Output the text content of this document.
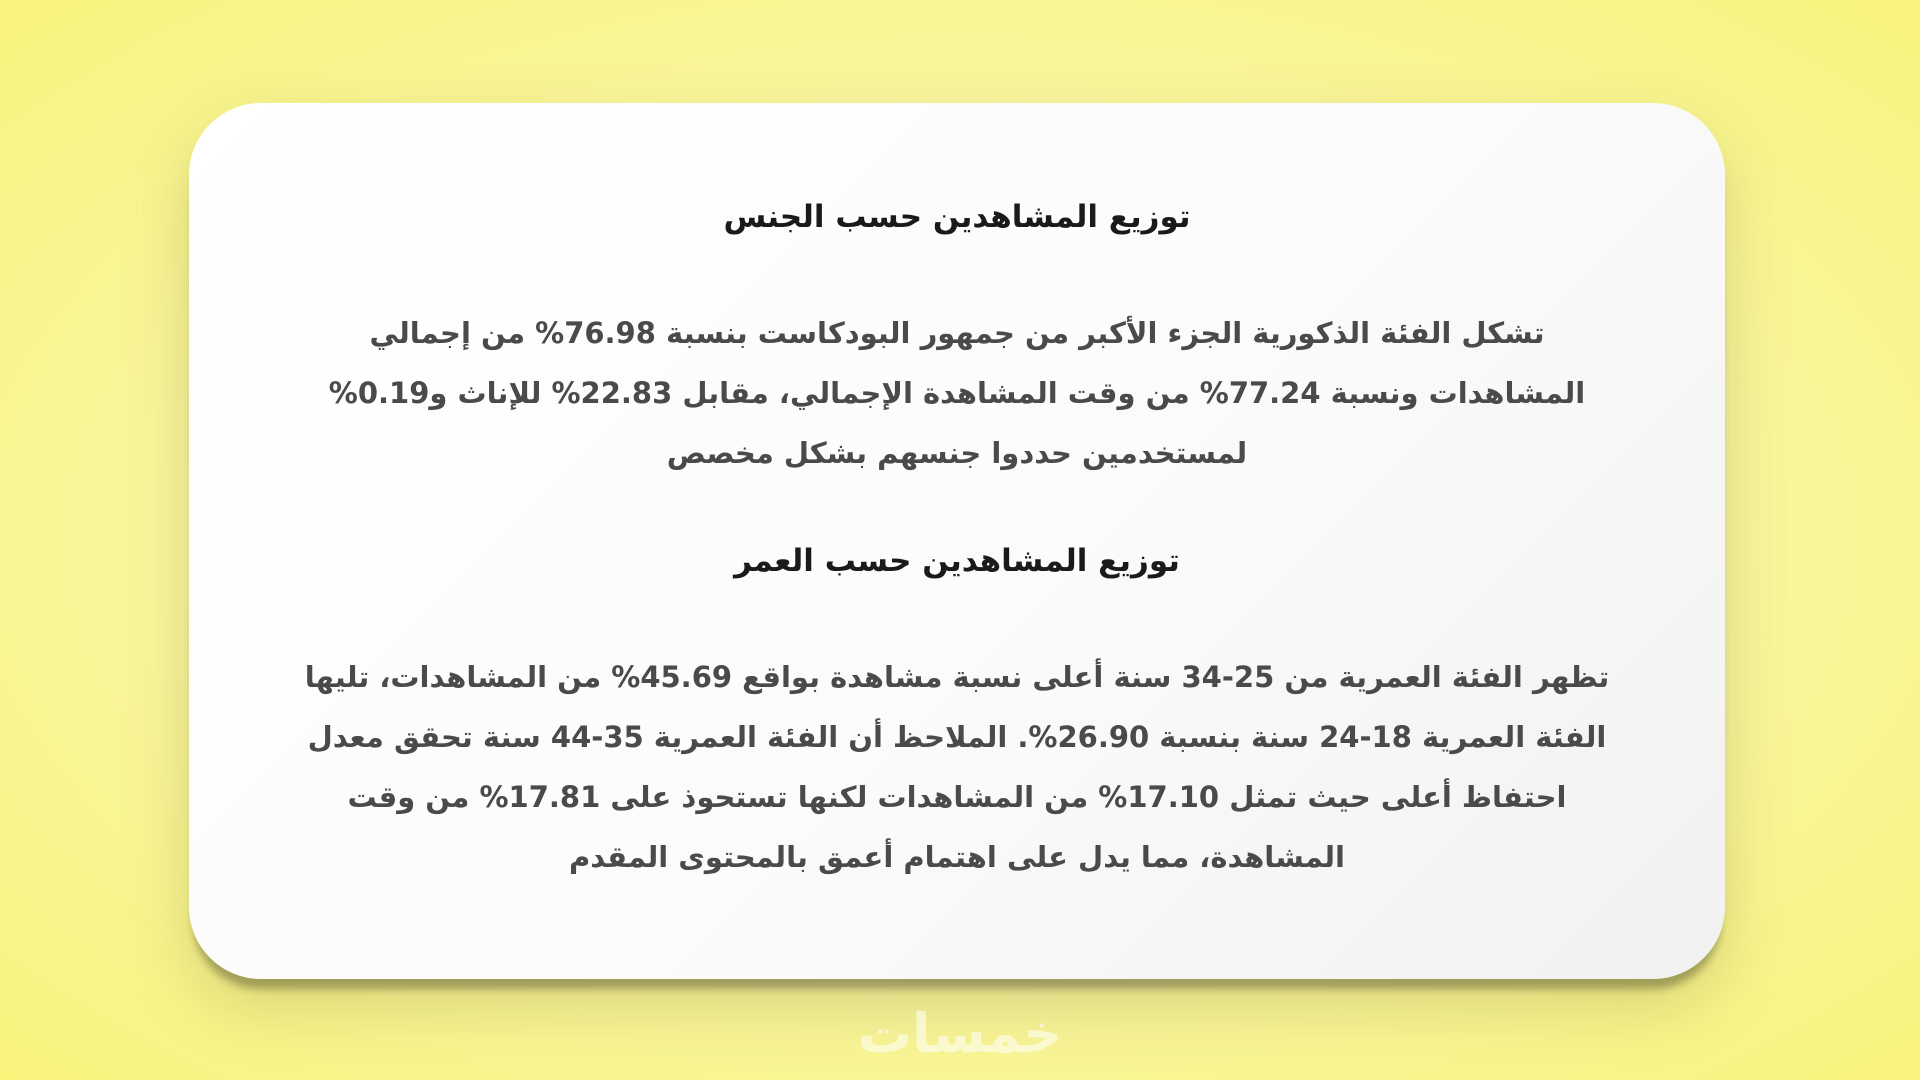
توزيع المشاهدين حسب الجنس

تشكل الفئة الذكورية الجزء الأكبر من جمهور البودكاست بنسبة 76.98% من إجمالي المشاهدات ونسبة 77.24% من وقت المشاهدة الإجمالي، مقابل 22.83% للإناث و0.19% لمستخدمين حددوا جنسهم بشكل مخصص

توزيع المشاهدين حسب العمر

تظهر الفئة العمرية من 25-34 سنة أعلى نسبة مشاهدة بواقع 45.69% من المشاهدات، تليها الفئة العمرية 18-24 سنة بنسبة 26.90%. الملاحظ أن الفئة العمرية 35-44 سنة تحقق معدل احتفاظ أعلى حيث تمثل 17.10% من المشاهدات لكنها تستحوذ على 17.81% من وقت المشاهدة، مما يدل على اهتمام أعمق بالمحتوى المقدم

خمسات
